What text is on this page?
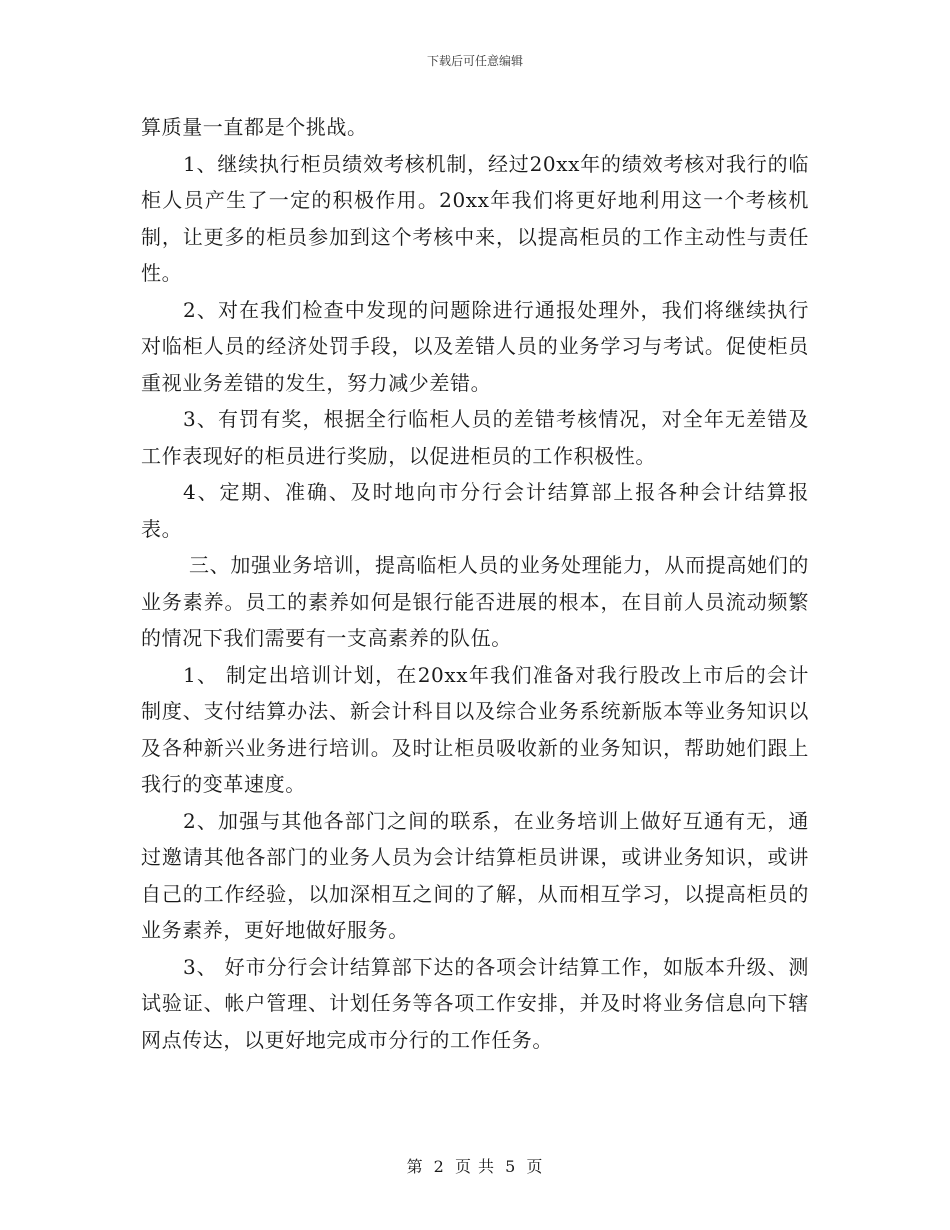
下载后可任意编辑

算质量一直都是个挑战。

1、继续执行柜员绩效考核机制，经过20xx年的绩效考核对我行的临柜人员产生了一定的积极作用。20xx年我们将更好地利用这一个考核机制，让更多的柜员参加到这个考核中来，以提高柜员的工作主动性与责任性。

2、对在我们检查中发现的问题除进行通报处理外，我们将继续执行对临柜人员的经济处罚手段，以及差错人员的业务学习与考试。促使柜员重视业务差错的发生，努力减少差错。

3、有罚有奖，根据全行临柜人员的差错考核情况，对全年无差错及工作表现好的柜员进行奖励，以促进柜员的工作积极性。

4、定期、准确、及时地向市分行会计结算部上报各种会计结算报表。

三、加强业务培训，提高临柜人员的业务处理能力，从而提高她们的业务素养。员工的素养如何是银行能否进展的根本，在目前人员流动频繁的情况下我们需要有一支高素养的队伍。

1、 制定出培训计划，在20xx年我们准备对我行股改上市后的会计制度、支付结算办法、新会计科目以及综合业务系统新版本等业务知识以及各种新兴业务进行培训。及时让柜员吸收新的业务知识，帮助她们跟上我行的变革速度。

2、加强与其他各部门之间的联系，在业务培训上做好互通有无，通过邀请其他各部门的业务人员为会计结算柜员讲课，或讲业务知识，或讲自己的工作经验，以加深相互之间的了解，从而相互学习，以提高柜员的业务素养，更好地做好服务。

3、 好市分行会计结算部下达的各项会计结算工作，如版本升级、测试验证、帐户管理、计划任务等各项工作安排，并及时将业务信息向下辖网点传达，以更好地完成市分行的工作任务。

第 2 页 共 5 页
